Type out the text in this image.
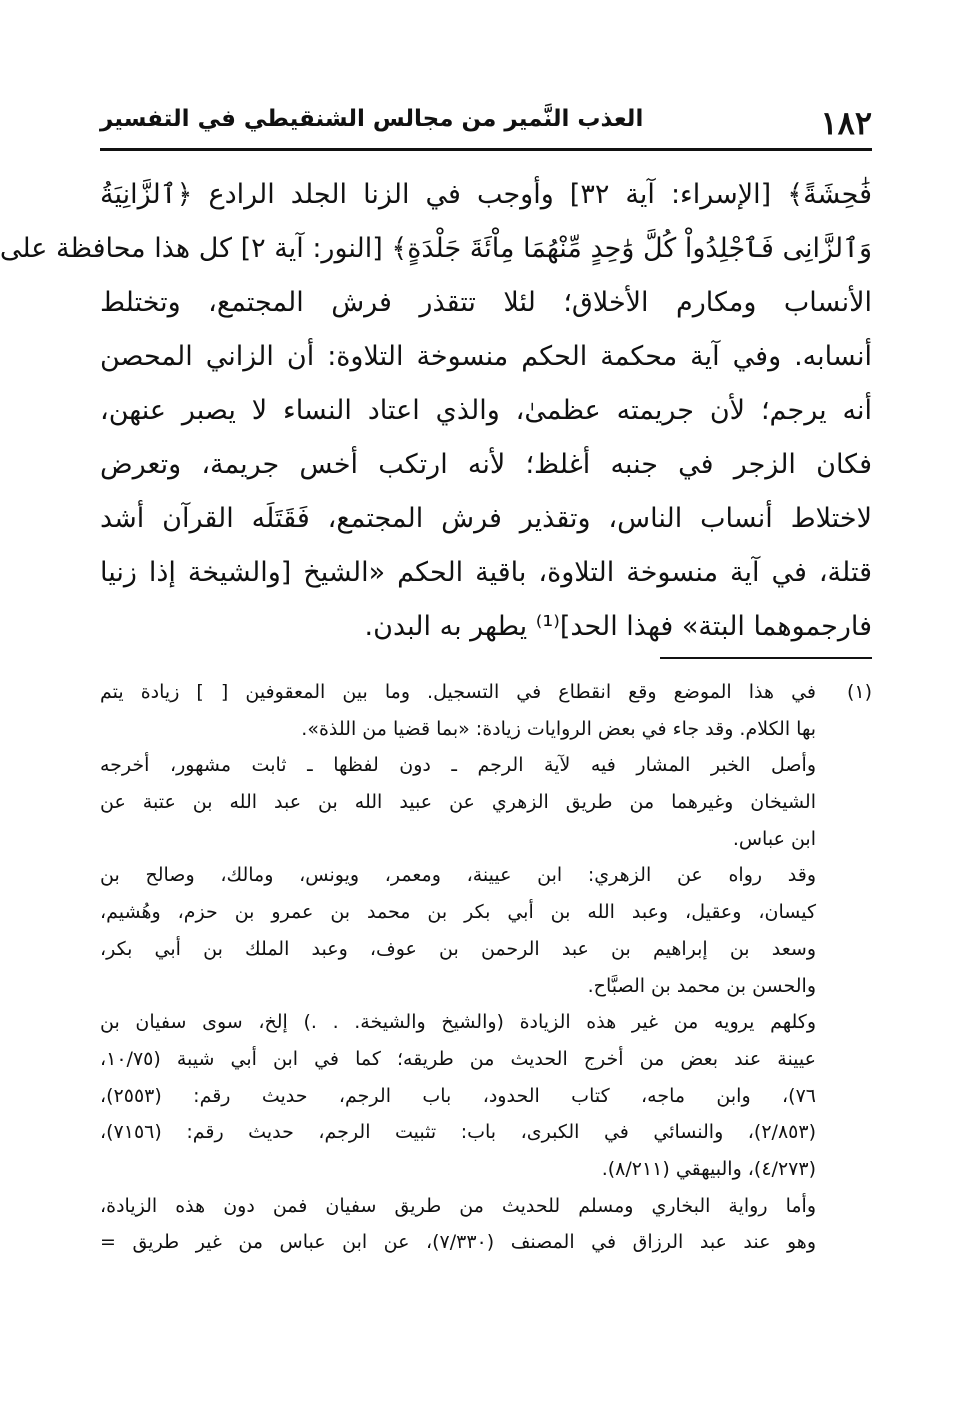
١٨٢
العذب النَّمير من مجالس الشنقيطي في التفسير
فَٰحِشَةً﴾ [الإسراء: آية ٣٢] وأوجب في الزنا الجلد الرادع ﴿ٱلزَّانِيَةُ
وَٱلزَّانِى فَٱجْلِدُواْ كُلَّ وَٰحِدٍ مِّنْهُمَا مِاْئَةَ جَلْدَةٍ﴾ [النور: آية ٢] كل هذا محافظة على
الأنساب ومكارم الأخلاق؛ لئلا تتقذر فرش المجتمع، وتختلط
أنسابه. وفي آية محكمة الحكم منسوخة التلاوة: أن الزاني المحصن
أنه يرجم؛ لأن جريمته عظمىٰ، والذي اعتاد النساء لا يصبر عنهن،
فكان الزجر في جنبه أغلظ؛ لأنه ارتكب أخس جريمة، وتعرض
لاختلاط أنساب الناس، وتقذير فرش المجتمع، فَقَتَلَه القرآن أشد
قتلة، في آية منسوخة التلاوة، باقية الحكم «الشيخ [والشيخة إذا زنيا
فارجموهما البتة» فهذا الحد]⁽¹⁾ يطهر به البدن.
(١)
في هذا الموضع وقع انقطاع في التسجيل. وما بين المعقوفين [ ] زيادة يتم
بها الكلام. وقد جاء في بعض الروايات زيادة: «بما قضيا من اللذة».
وأصل الخبر المشار فيه لآية الرجم ـ دون لفظها ـ ثابت مشهور، أخرجه
الشيخان وغيرهما من طريق الزهري عن عبيد الله بن عبد الله بن عتبة عن
ابن عباس.
وقد رواه عن الزهري: ابن عيينة، ومعمر، ويونس، ومالك، وصالح بن
كيسان، وعقيل، وعبد الله بن أبي بكر بن محمد بن عمرو بن حزم، وهُشيم،
وسعد بن إبراهيم بن عبد الرحمن بن عوف، وعبد الملك بن أبي بكر،
والحسن بن محمد بن الصبَّاح.
وكلهم يرويه من غير هذه الزيادة (والشيخ والشيخة. . .) إلخ، سوى سفيان بن
عيينة عند بعض من أخرج الحديث من طريقه؛ كما في ابن أبي شيبة (١٠/٧٥،
٧٦)، وابن ماجه، كتاب الحدود، باب الرجم، حديث رقم: (٢٥٥٣)،
(٢/٨٥٣)، والنسائي في الكبرى، باب: تثبيت الرجم، حديث رقم: (٧١٥٦)،
(٤/٢٧٣)، والبيهقي (٨/٢١١).
وأما رواية البخاري ومسلم للحديث من طريق سفيان فمن دون هذه الزيادة،
وهو عند عبد الرزاق في المصنف (٧/٣٣٠)، عن ابن عباس من غير طريق =
